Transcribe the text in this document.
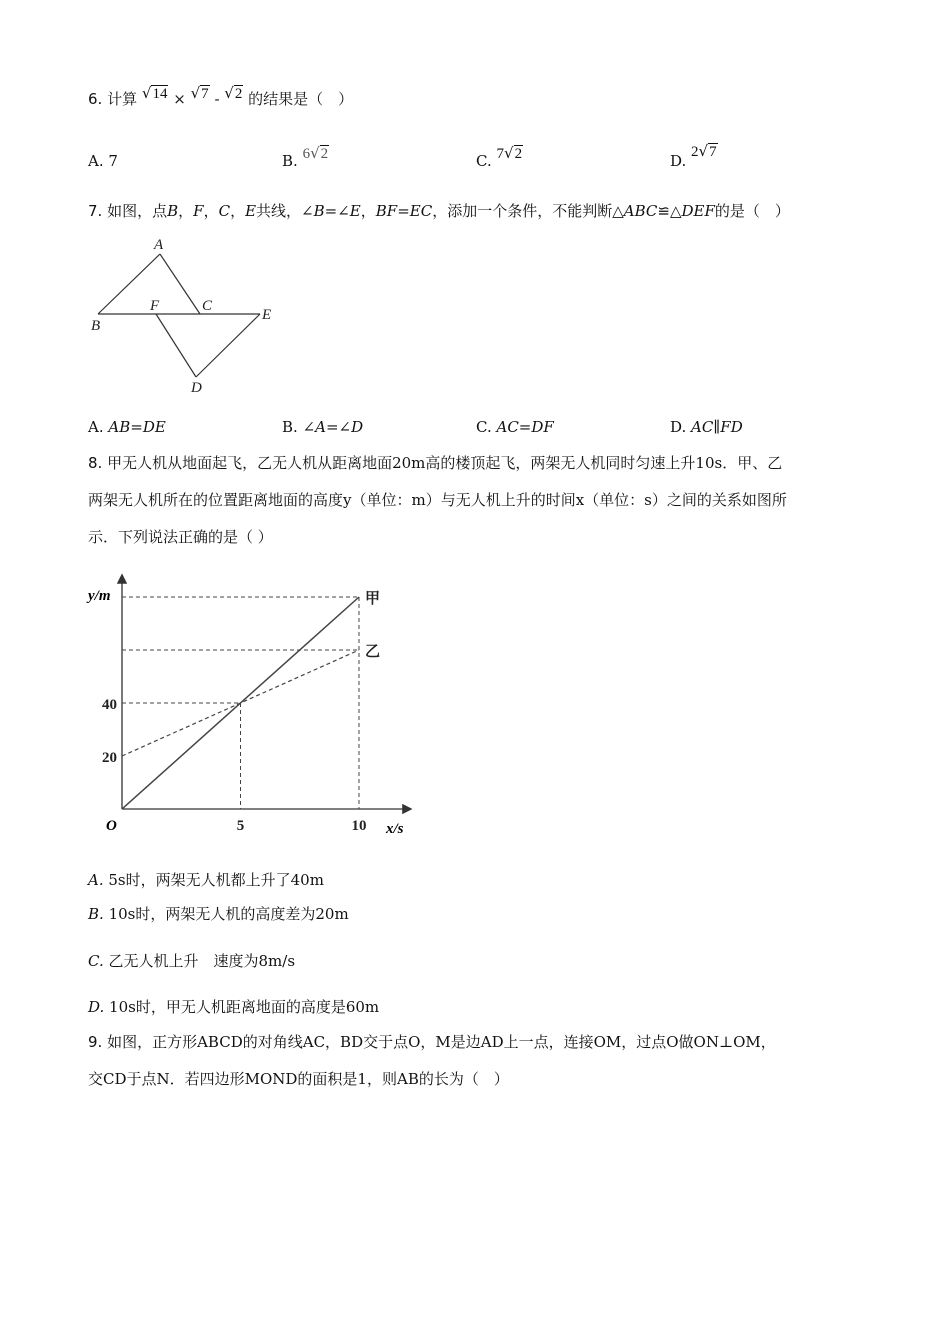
6. 计算 √14 × √7 - √2 的结果是（　）
A. 7	B. 6√2	C. 7√2	D. 2√7
7. 如图，点B，F，C，E共线，∠B=∠E，BF=EC，添加一个条件，不能判断△ABC≌△DEF的是（　）
A
B
F	C
E
D
A. AB=DE	B. ∠A=∠D	C. AC=DF	D. AC∥FD
8. 甲无人机从地面起飞，乙无人机从距离地面20m高的楼顶起飞，两架无人机同时匀速上升10s．甲、乙
两架无人机所在的位置距离地面的高度y（单位：m）与无人机上升的时间x（单位：s）之间的关系如图所
示．下列说法正确的是（ ）
甲
乙
5	10
20
40
y/m
x/s
O
A. 5s时，两架无人机都上升了40m
B. 10s时，两架无人机的高度差为20m
C. 乙无人机上升　速度为8m/s
D. 10s时，甲无人机距离地面的高度是60m
9. 如图，正方形ABCD的对角线AC，BD交于点O，M是边AD上一点，连接OM，过点O做ON⊥OM，
交CD于点N．若四边形MOND的面积是1，则AB的长为（　）
